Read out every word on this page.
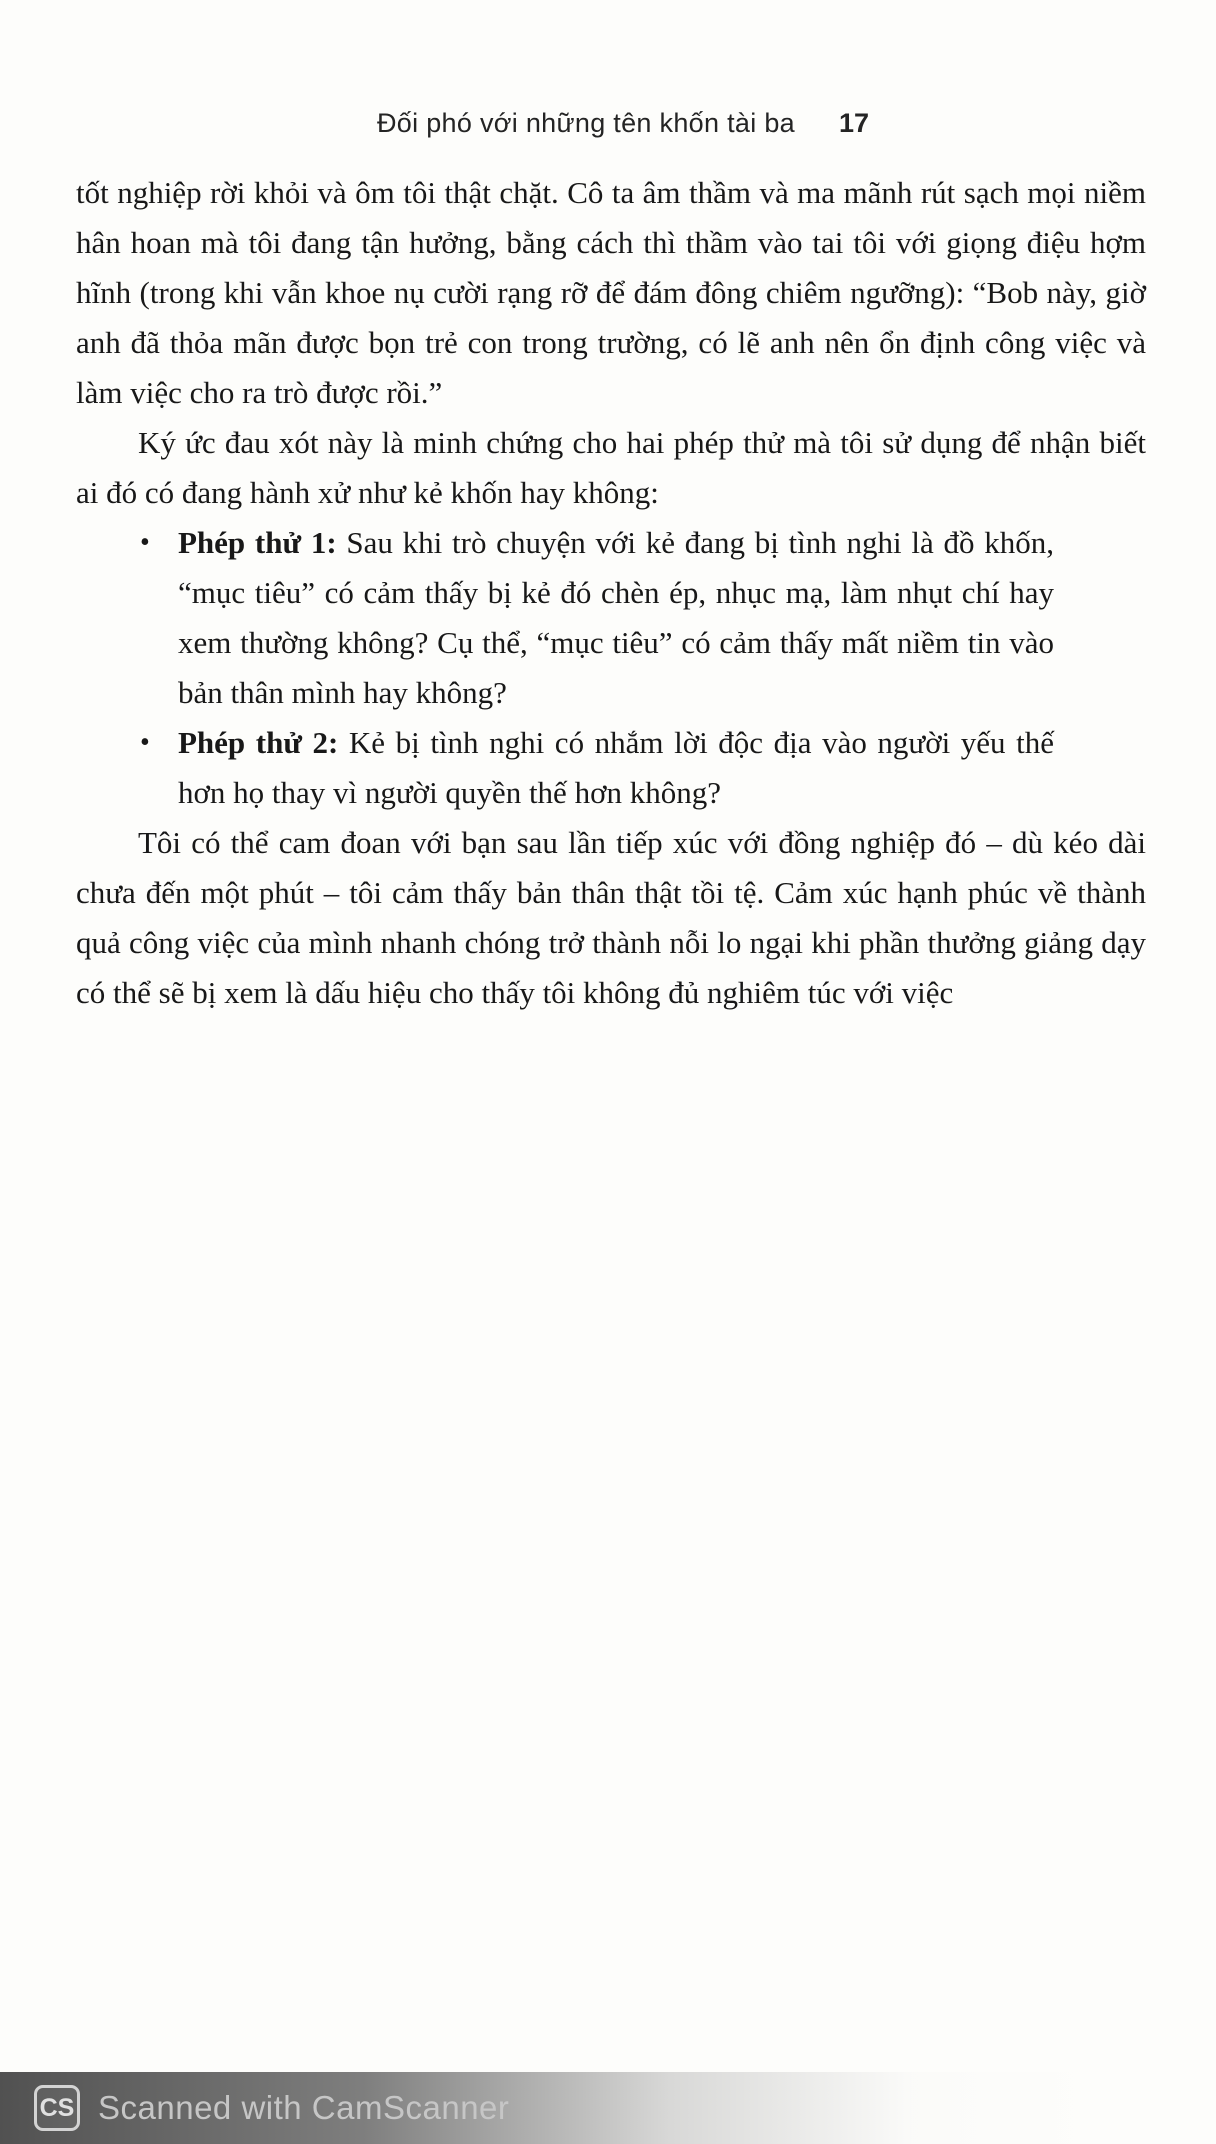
Đối phó với những tên khốn tài ba 17

tốt nghiệp rời khỏi và ôm tôi thật chặt. Cô ta âm thầm và ma mãnh rút sạch mọi niềm hân hoan mà tôi đang tận hưởng, bằng cách thì thầm vào tai tôi với giọng điệu hợm hĩnh (trong khi vẫn khoe nụ cười rạng rỡ để đám đông chiêm ngưỡng): “Bob này, giờ anh đã thỏa mãn được bọn trẻ con trong trường, có lẽ anh nên ổn định công việc và làm việc cho ra trò được rồi.”

Ký ức đau xót này là minh chứng cho hai phép thử mà tôi sử dụng để nhận biết ai đó có đang hành xử như kẻ khốn hay không:

• Phép thử 1: Sau khi trò chuyện với kẻ đang bị tình nghi là đồ khốn, “mục tiêu” có cảm thấy bị kẻ đó chèn ép, nhục mạ, làm nhụt chí hay xem thường không? Cụ thể, “mục tiêu” có cảm thấy mất niềm tin vào bản thân mình hay không?
• Phép thử 2: Kẻ bị tình nghi có nhắm lời độc địa vào người yếu thế hơn họ thay vì người quyền thế hơn không?

Tôi có thể cam đoan với bạn sau lần tiếp xúc với đồng nghiệp đó – dù kéo dài chưa đến một phút – tôi cảm thấy bản thân thật tồi tệ. Cảm xúc hạnh phúc về thành quả công việc của mình nhanh chóng trở thành nỗi lo ngại khi phần thưởng giảng dạy có thể sẽ bị xem là dấu hiệu cho thấy tôi không đủ nghiêm túc với việc

CS Scanned with CamScanner
